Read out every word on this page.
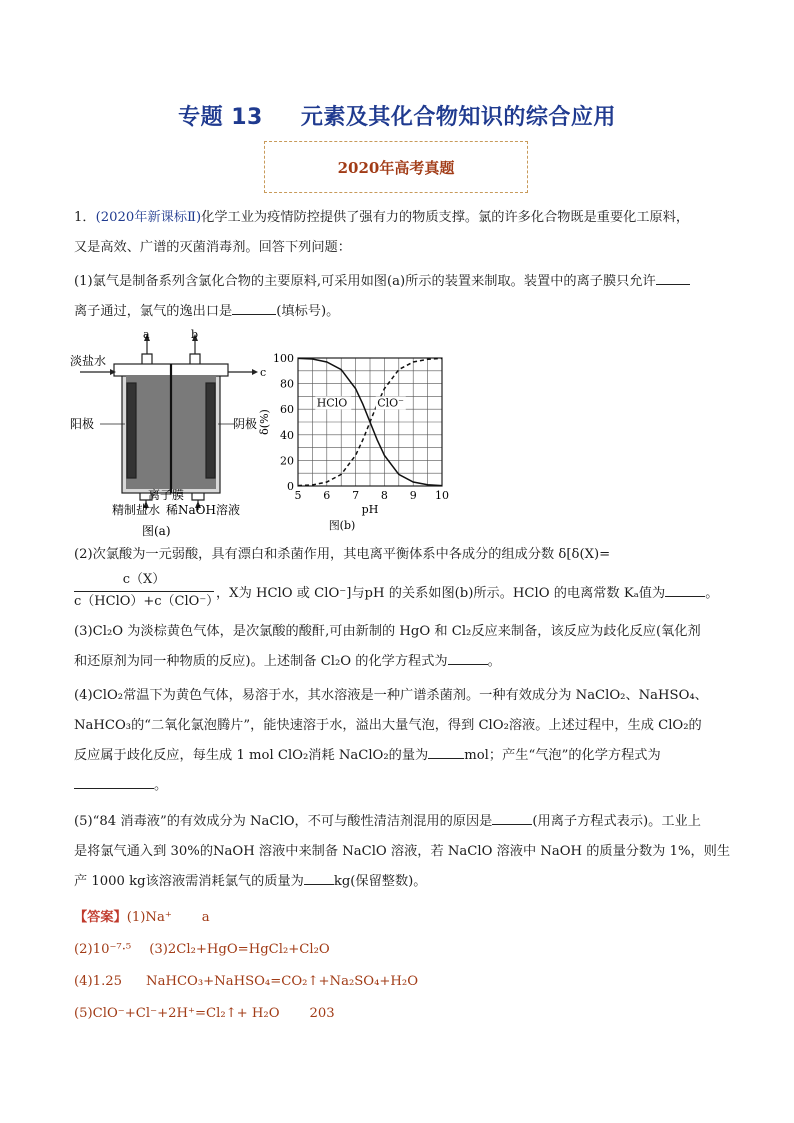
专题 13 元素及其化合物知识的综合应用
2020年高考真题
1．(2020年新课标Ⅱ)化学工业为疫情防控提供了强有力的物质支撑。氯的许多化合物既是重要化工原料，
又是高效、广谱的灭菌消毒剂。回答下列问题：
(1)氯气是制备系列含氯化合物的主要原料,可采用如图(a)所示的装置来制取。装置中的离子膜只允许
离子通过，氯气的逸出口是	(填标号)。
a	b
c
淡盐水
阳极	阴极
离子膜
精制盐水 稀NaOH溶液
图(a)
5 6 7 8 9 10
0
20
40
60
80
100
pH
δ(%)
图(b)
HClO	ClO⁻
(2)次氯酸为一元弱酸，具有漂白和杀菌作用，其电离平衡体系中各成分的组成分数 δ[δ(X)=
c（X）
c（HClO）+c（ClO⁻）
，X为 HClO 或 ClO⁻]与pH 的关系如图(b)所示。HClO 的电离常数 Kₐ值为	。
(3)Cl₂O 为淡棕黄色气体，是次氯酸的酸酐,可由新制的 HgO 和 Cl₂反应来制备，该反应为歧化反应(氧化剂
和还原剂为同一种物质的反应)。上述制备 Cl₂O 的化学方程式为	。
(4)ClO₂常温下为黄色气体，易溶于水，其水溶液是一种广谱杀菌剂。一种有效成分为 NaClO₂、NaHSO₄、
NaHCO₃的“二氧化氯泡腾片”，能快速溶于水，溢出大量气泡，得到 ClO₂溶液。上述过程中，生成 ClO₂的
反应属于歧化反应，每生成 1 mol ClO₂消耗 NaClO₂的量为	mol；产生“气泡”的化学方程式为
。
(5)“84 消毒液”的有效成分为 NaClO，不可与酸性清洁剂混用的原因是	(用离子方程式表示)。工业上
是将氯气通入到 30%的NaOH 溶液中来制备 NaClO 溶液，若 NaClO 溶液中 NaOH 的质量分数为 1%，则生
产 1000 kg该溶液需消耗氯气的质量为 kg(保留整数)。
【答案】(1)Na⁺ a
(2)10⁻⁷·⁵ (3)2Cl₂+HgO=HgCl₂+Cl₂O
(4)1.25 NaHCO₃+NaHSO₄=CO₂↑+Na₂SO₄+H₂O
(5)ClO⁻+Cl⁻+2H⁺=Cl₂↑+ H₂O 203
